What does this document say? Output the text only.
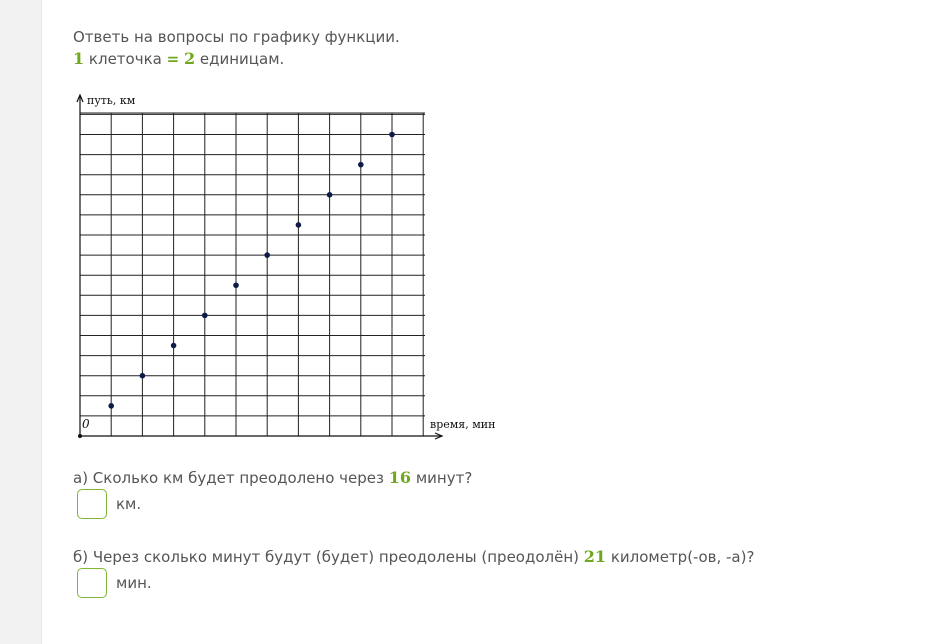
Ответь на вопросы по графику функции.
1 клеточка = 2 единицам.
путь, км
время, мин
0
а) Сколько км будет преодолено через 16 минут?
км.
б) Через сколько минут будут (будет) преодолены (преодолён) 21 километр(-ов, -а)?
мин.
